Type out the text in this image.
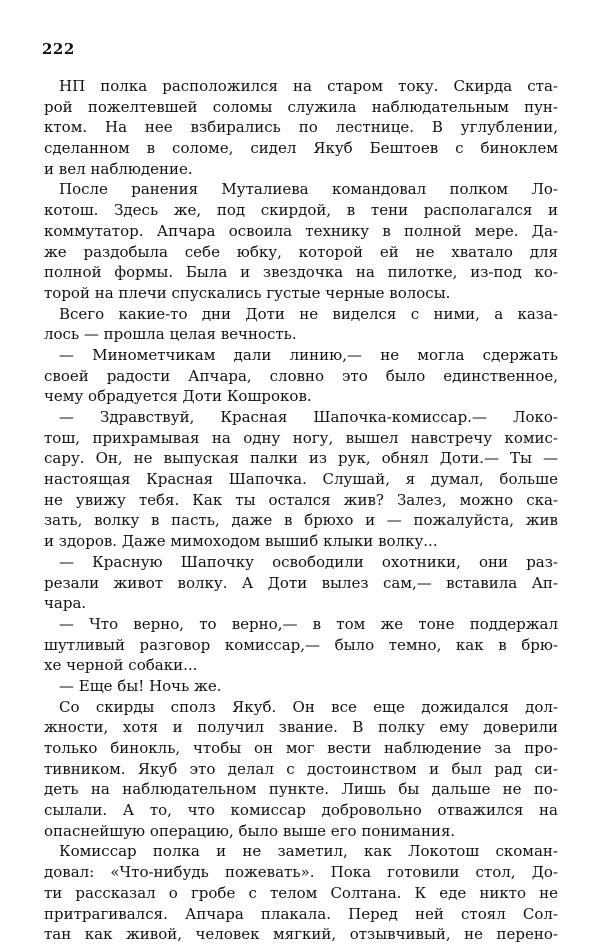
222
НП полка расположился на старом току. Скирда ста-
рой пожелтевшей соломы служила наблюдательным пун-
ктом. На нее взбирались по лестнице. В углублении,
сделанном в соломе, сидел Якуб Бештоев с биноклем
и вел наблюдение.
После ранения Муталиева командовал полком Ло-
котош. Здесь же, под скирдой, в тени располагался и
коммутатор. Апчара освоила технику в полной мере. Да-
же раздобыла себе юбку, которой ей не хватало для
полной формы. Была и звездочка на пилотке, из-под ко-
торой на плечи спускались густые черные волосы.
Всего какие-то дни Доти не виделся с ними, а каза-
лось — прошла целая вечность.
— Минометчикам дали линию,— не могла сдержать
своей радости Апчара, словно это было единственное,
чему обрадуется Доти Кошроков.
— Здравствуй, Красная Шапочка-комиссар.— Локо-
тош, прихрамывая на одну ногу, вышел навстречу комис-
сару. Он, не выпуская палки из рук, обнял Доти.— Ты —
настоящая Красная Шапочка. Слушай, я думал, больше
не увижу тебя. Как ты остался жив? Залез, можно ска-
зать, волку в пасть, даже в брюхо и — пожалуйста, жив
и здоров. Даже мимоходом вышиб клыки волку...
— Красную Шапочку освободили охотники, они раз-
резали живот волку. А Доти вылез сам,— вставила Ап-
чара.
— Что верно, то верно,— в том же тоне поддержал
шутливый разговор комиссар,— было темно, как в брю-
хе черной собаки...
— Еще бы! Ночь же.
Со скирды сполз Якуб. Он все еще дожидался дол-
жности, хотя и получил звание. В полку ему доверили
только бинокль, чтобы он мог вести наблюдение за про-
тивником. Якуб это делал с достоинством и был рад си-
деть на наблюдательном пункте. Лишь бы дальше не по-
сылали. А то, что комиссар добровольно отважился на
опаснейшую операцию, было выше его понимания.
Комиссар полка и не заметил, как Локотош скоман-
довал: «Что-нибудь пожевать». Пока готовили стол, До-
ти рассказал о гробе с телом Солтана. К еде никто не
притрагивался. Апчара плакала. Перед ней стоял Сол-
тан как живой, человек мягкий, отзывчивый, не перено-
